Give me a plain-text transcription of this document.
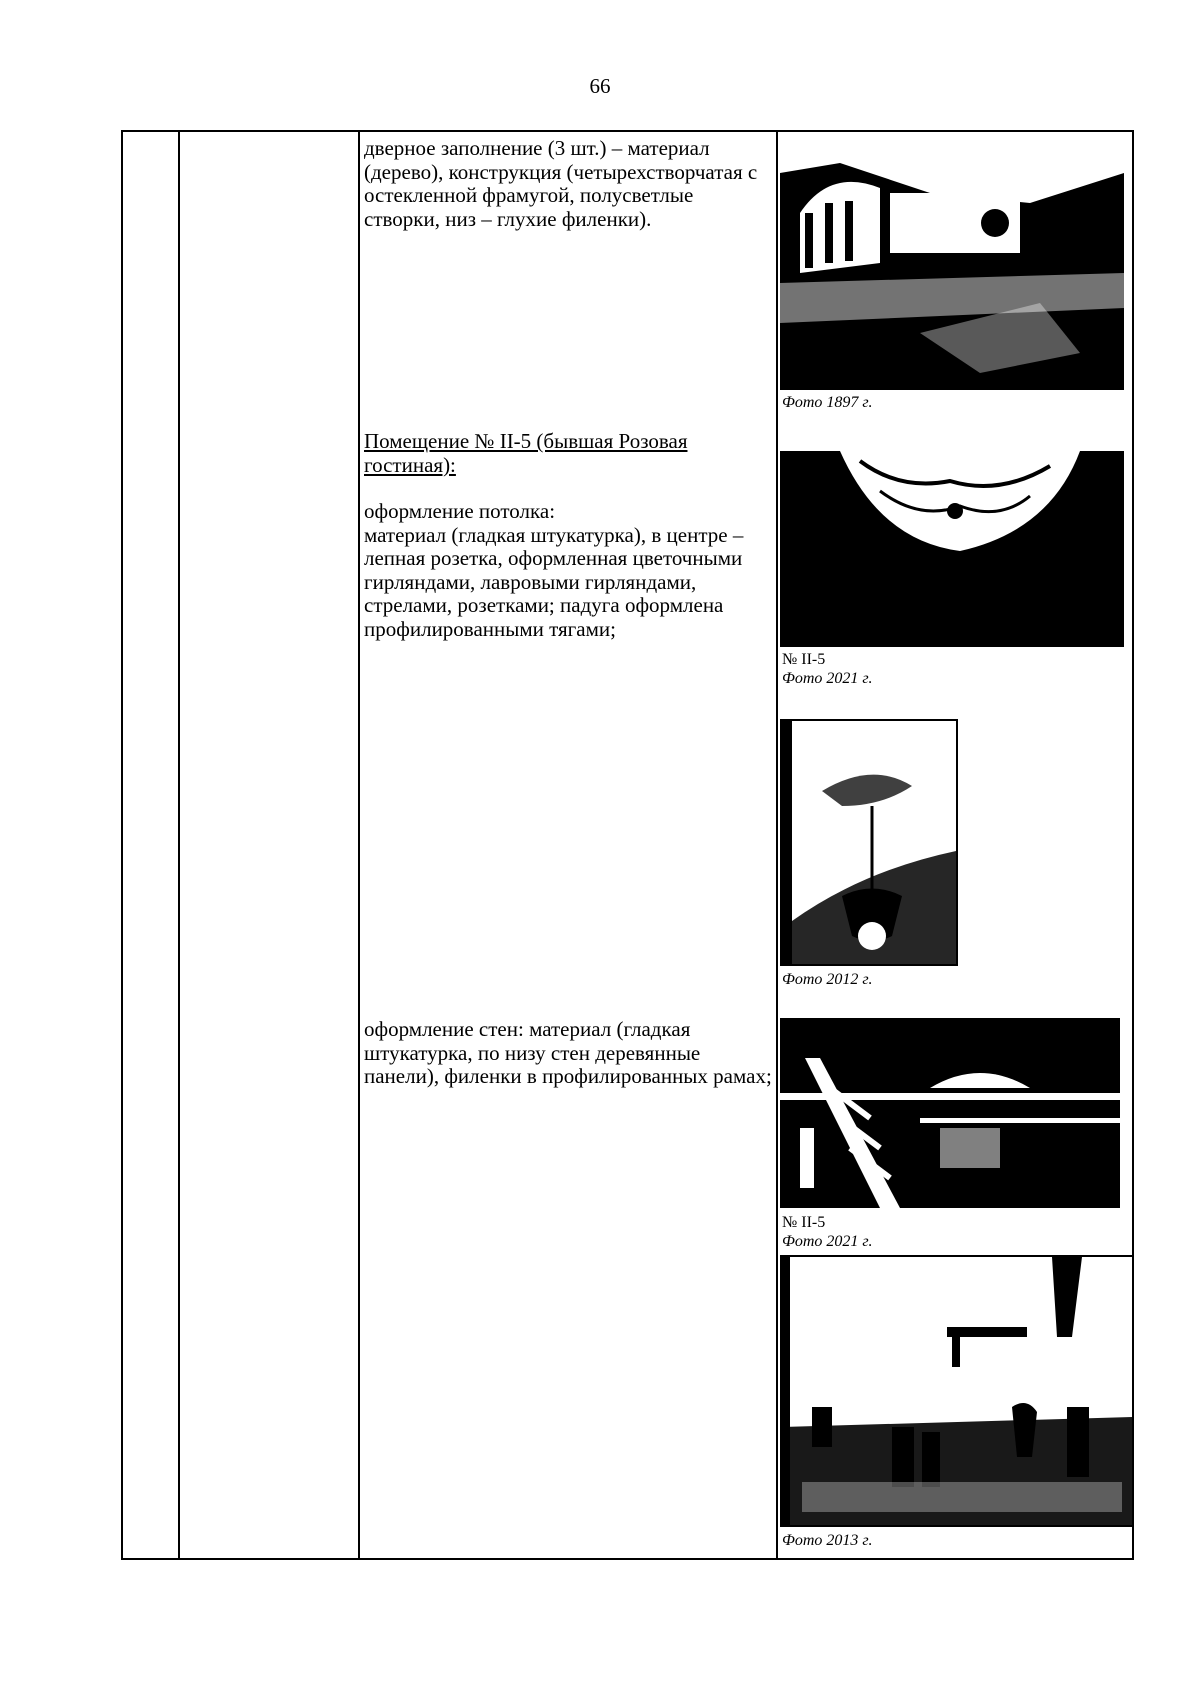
66

дверное заполнение (3 шт.) – материал (дерево), конструкция (четырехстворчатая с остекленной фрамугой, полусветлые створки, низ – глухие филенки).

Помещение № II-5 (бывшая Розовая гостиная):

оформление потолка:

материал (гладкая штукатурка), в центре – лепная розетка, оформленная цветочными гирляндами, лавровыми гирляндами, стрелами, розетками; падуга оформлена профилированными тягами;

оформление стен: материал (гладкая штукатурка, по низу стен деревянные панели), филенки в профилированных рамах;

Фото 1897 г.
№ II-5
Фото 2021 г.
Фото 2012 г.
№ II-5
Фото 2021 г.
Фото 2013 г.
